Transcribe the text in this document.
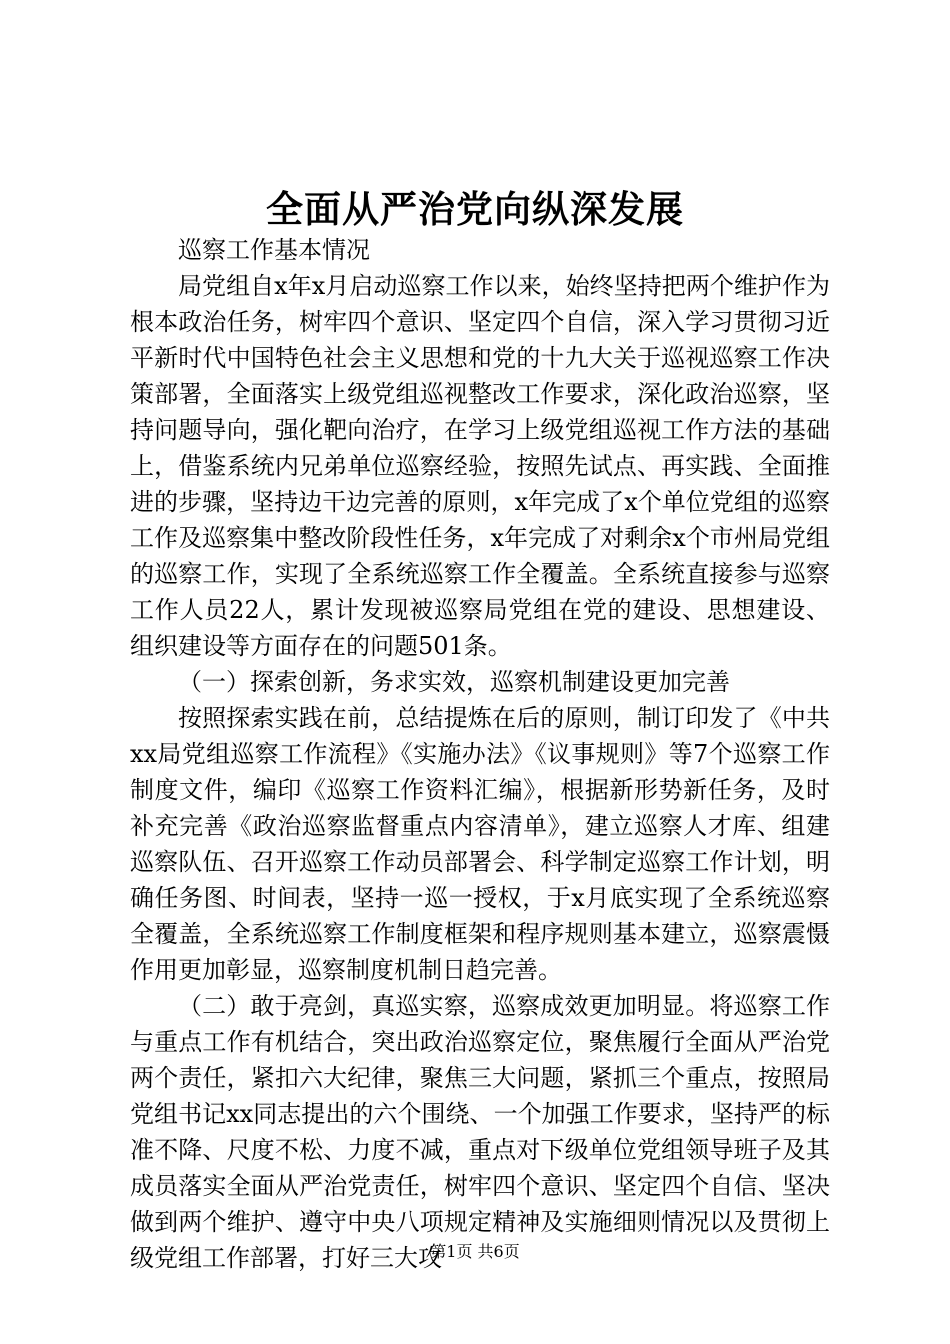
全面从严治党向纵深发展

巡察工作基本情况

局党组自x年x月启动巡察工作以来，始终坚持把两个维护作为根本政治任务，树牢四个意识、坚定四个自信，深入学习贯彻习近平新时代中国特色社会主义思想和党的十九大关于巡视巡察工作决策部署，全面落实上级党组巡视整改工作要求，深化政治巡察，坚持问题导向，强化靶向治疗，在学习上级党组巡视工作方法的基础上，借鉴系统内兄弟单位巡察经验，按照先试点、再实践、全面推进的步骤，坚持边干边完善的原则，x年完成了x个单位党组的巡察工作及巡察集中整改阶段性任务，x年完成了对剩余x个市州局党组的巡察工作，实现了全系统巡察工作全覆盖。全系统直接参与巡察工作人员22人，累计发现被巡察局党组在党的建设、思想建设、组织建设等方面存在的问题501条。

（一）探索创新，务求实效，巡察机制建设更加完善

按照探索实践在前，总结提炼在后的原则，制订印发了《中共xx局党组巡察工作流程》《实施办法》《议事规则》等7个巡察工作制度文件，编印《巡察工作资料汇编》，根据新形势新任务，及时补充完善《政治巡察监督重点内容清单》，建立巡察人才库、组建巡察队伍、召开巡察工作动员部署会、科学制定巡察工作计划，明确任务图、时间表，坚持一巡一授权，于x月底实现了全系统巡察全覆盖，全系统巡察工作制度框架和程序规则基本建立，巡察震慑作用更加彰显，巡察制度机制日趋完善。

（二）敢于亮剑，真巡实察，巡察成效更加明显。将巡察工作与重点工作有机结合，突出政治巡察定位，聚焦履行全面从严治党两个责任，紧扣六大纪律，聚焦三大问题，紧抓三个重点，按照局党组书记xx同志提出的六个围绕、一个加强工作要求，坚持严的标准不降、尺度不松、力度不减，重点对下级单位党组领导班子及其成员落实全面从严治党责任，树牢四个意识、坚定四个自信、坚决做到两个维护、遵守中央八项规定精神及实施细则情况以及贯彻上级党组工作部署，打好三大攻

第1页 共6页
